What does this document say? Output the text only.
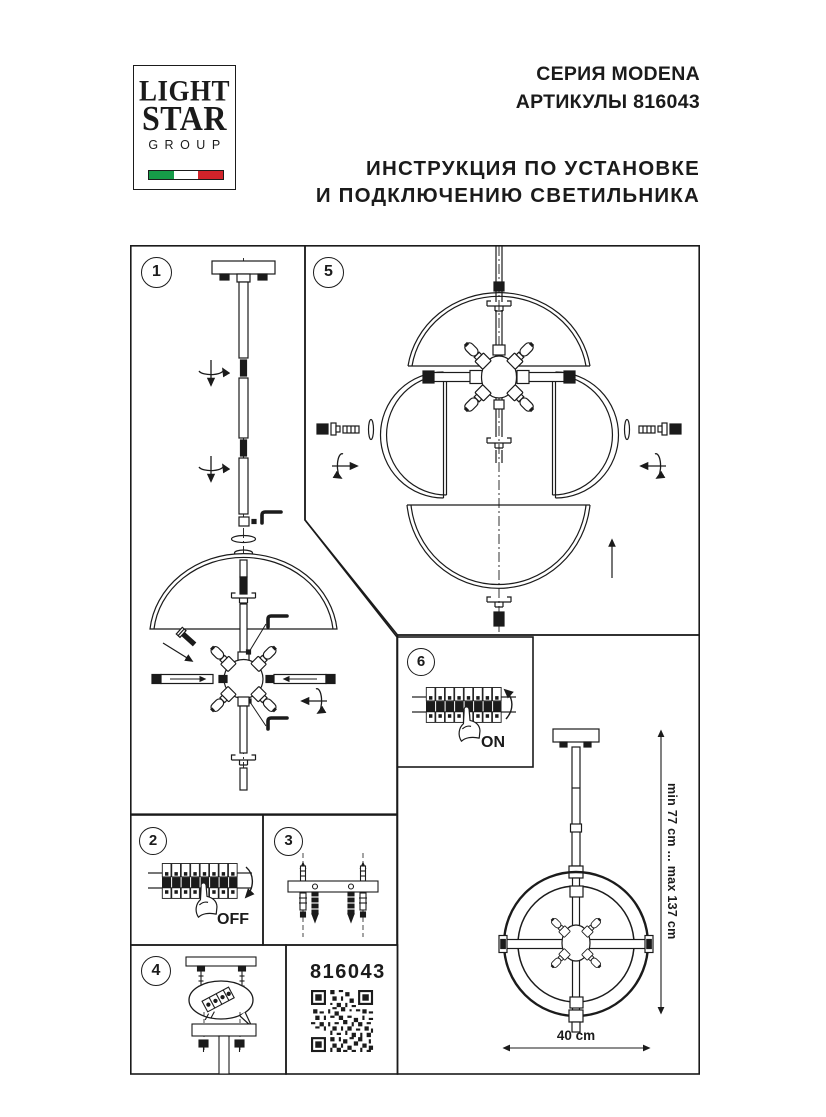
LIGHT
STAR
GROUP
СЕРИЯ MODENA
АРТИКУЛЫ 816043
ИНСТРУКЦИЯ ПО УСТАНОВКЕ
И ПОДКЛЮЧЕНИЮ СВЕТИЛЬНИКА
1	5
6
2	3
4
OFF
ON
816043
min 77 cm ... max 137 cm
40 cm
